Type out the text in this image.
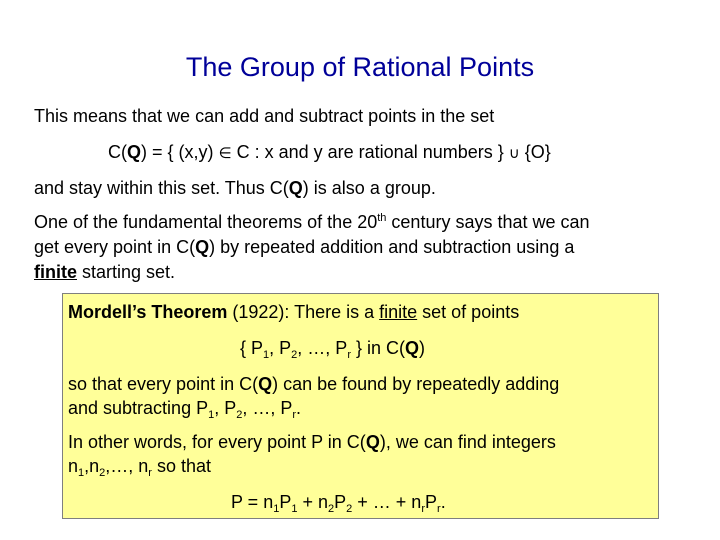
The Group of Rational Points
This means that we can add and subtract points in the set
C(Q) = { (x,y) ∈ C : x and y are rational numbers } ∪ {O}
and stay within this set. Thus C(Q) is also a group.
One of the fundamental theorems of the 20th century says that we can
get every point in C(Q) by repeated addition and subtraction using a
finite starting set.
Mordell’s Theorem (1922): There is a finite set of points
{ $P_1$, $P_2$, …, $P_r$ } in C(Q)
so that every point in C(Q) can be found by repeatedly adding
and subtracting $P_1$, $P_2$, …, $P_r$.
In other words, for every point P in C(Q), we can find integers
$n_1,n_2,\dots$, $n_r$ so that
$P = n_1P_1 + n_2P_2$ + … + $n_rP_r$.
